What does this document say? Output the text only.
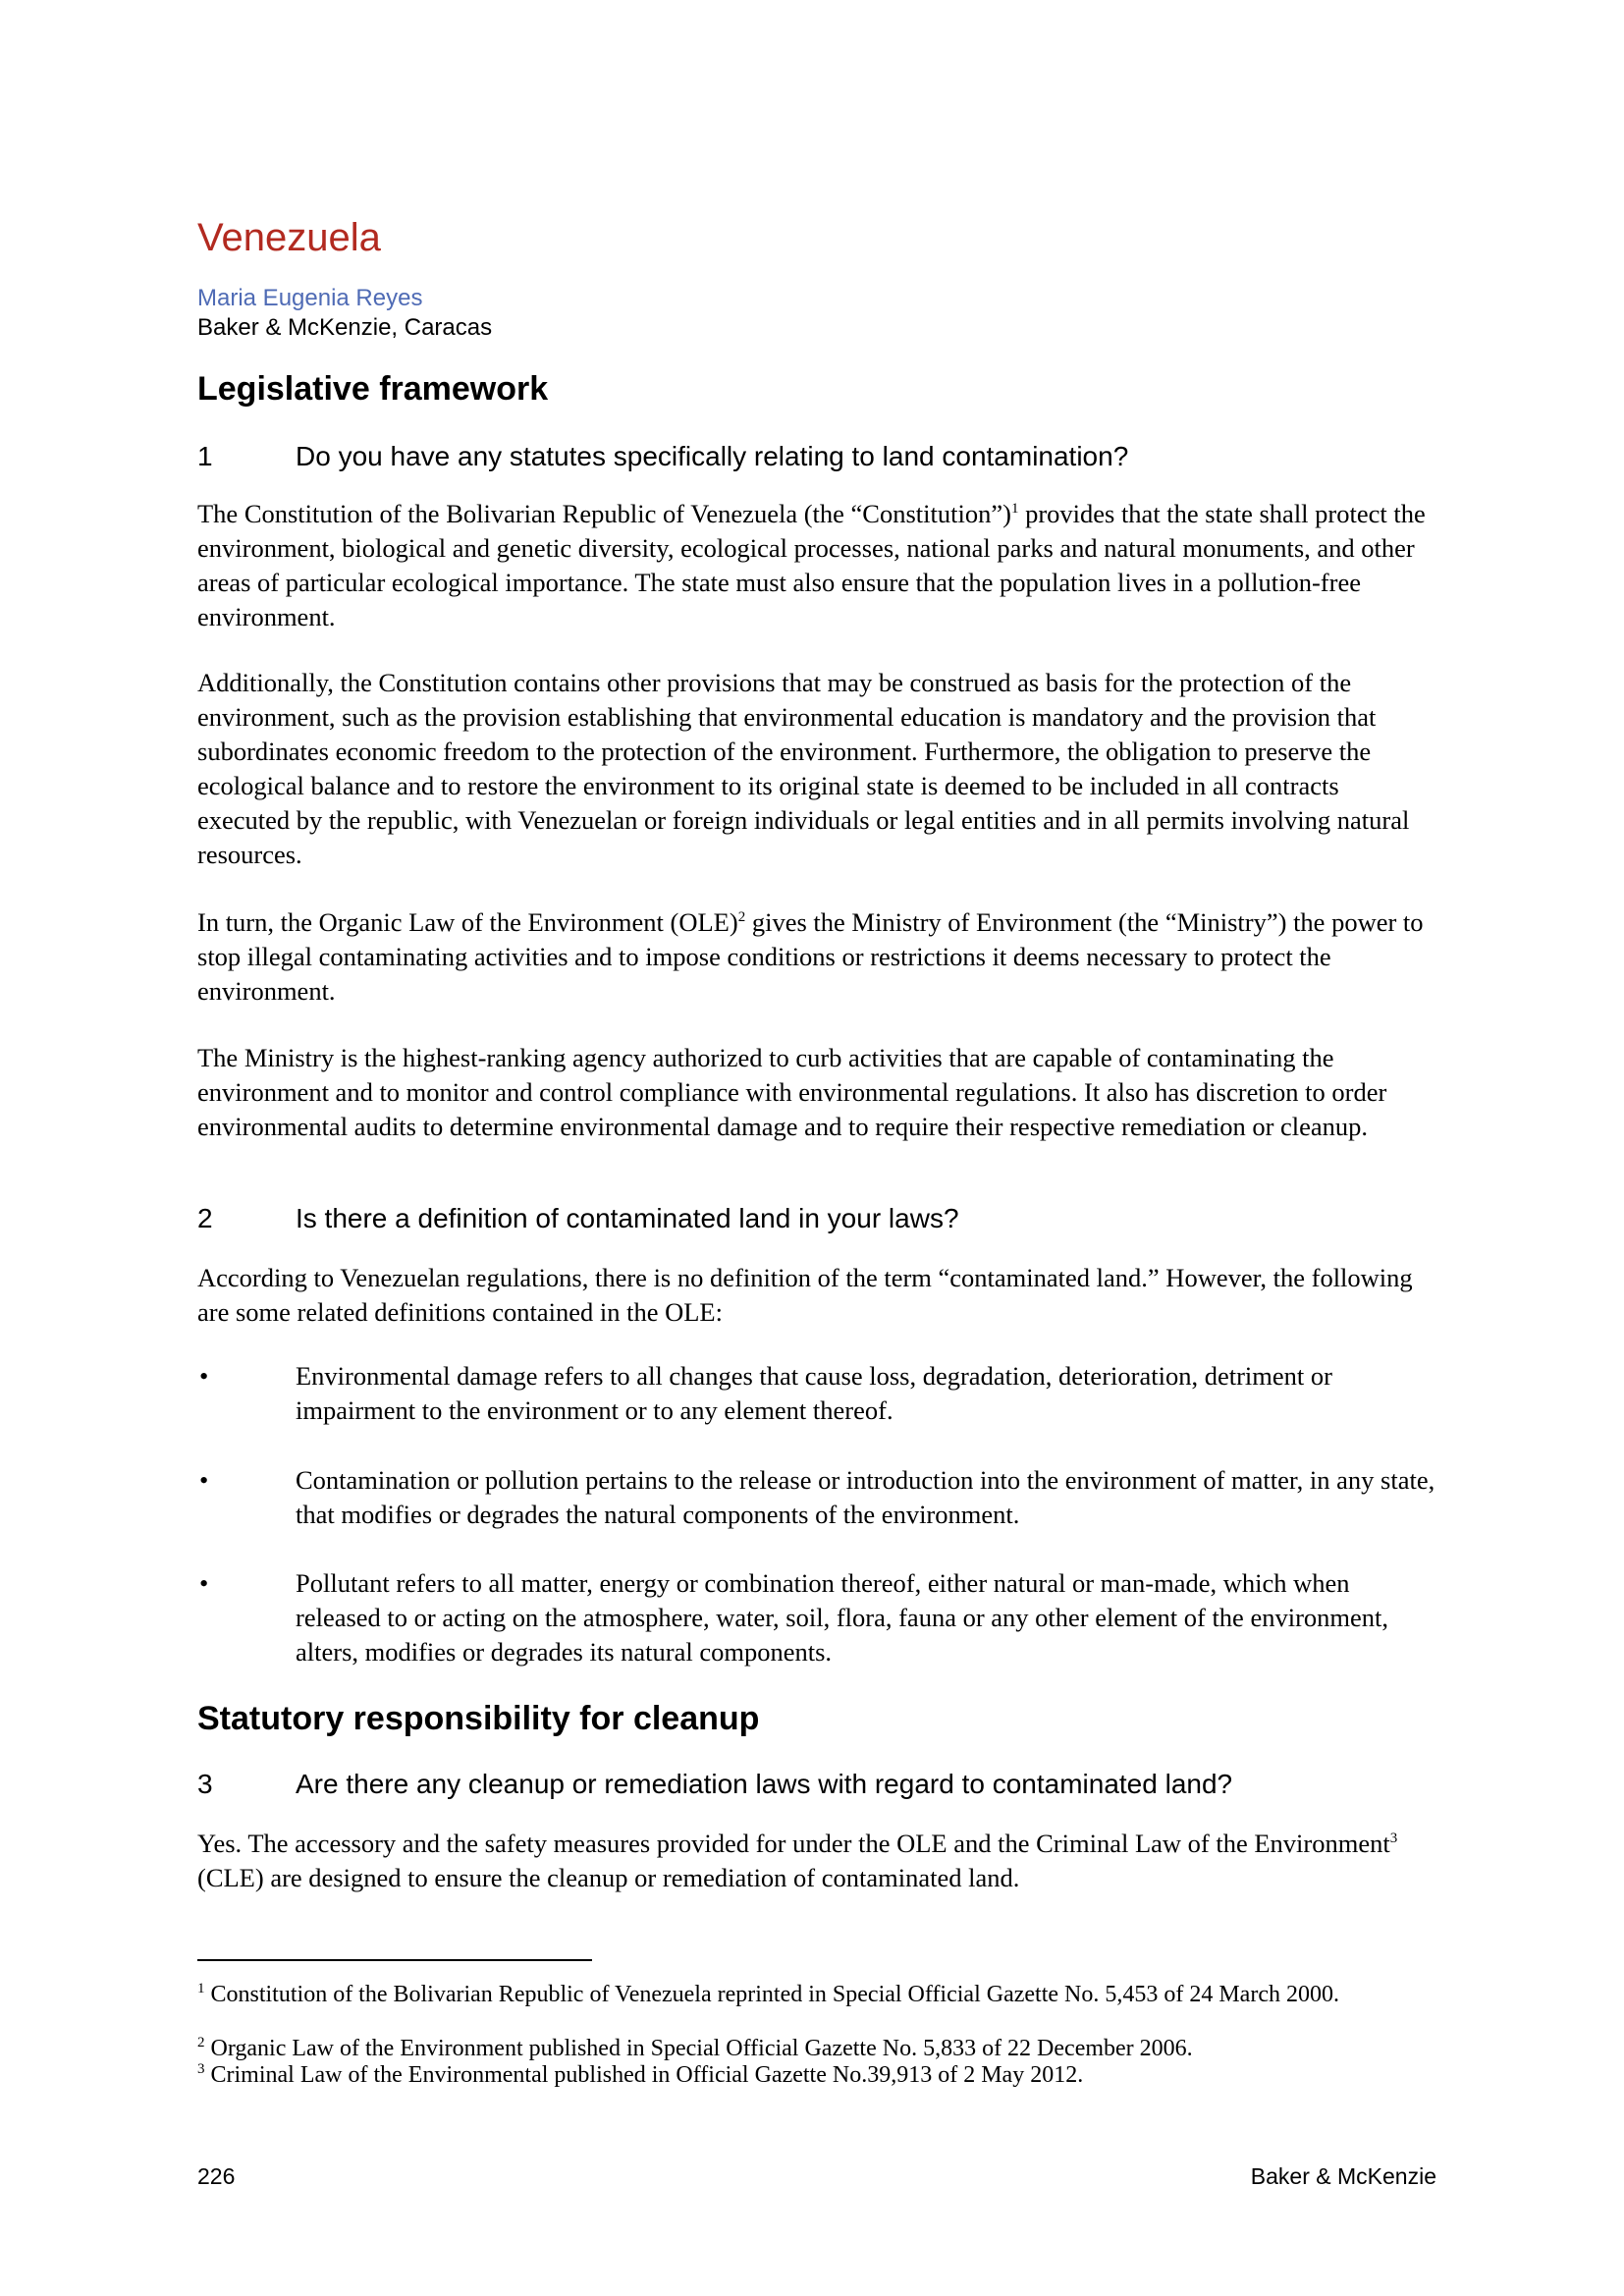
Venezuela
Maria Eugenia Reyes
Baker & McKenzie, Caracas
Legislative framework
1	Do you have any statutes specifically relating to land contamination?

The Constitution of the Bolivarian Republic of Venezuela (the “Constitution”)$^1$ provides that the state shall protect the environment, biological and genetic diversity, ecological processes, national parks and natural monuments, and other areas of particular ecological importance. The state must also ensure that the population lives in a pollution-free environment.

Additionally, the Constitution contains other provisions that may be construed as basis for the protection of the environment, such as the provision establishing that environmental education is mandatory and the provision that subordinates economic freedom to the protection of the environment. Furthermore, the obligation to preserve the ecological balance and to restore the environment to its original state is deemed to be included in all contracts executed by the republic, with Venezuelan or foreign individuals or legal entities and in all permits involving natural resources.

In turn, the Organic Law of the Environment (OLE)$^2$ gives the Ministry of Environment (the “Ministry”) the power to stop illegal contaminating activities and to impose conditions or restrictions it deems necessary to protect the environment.

The Ministry is the highest-ranking agency authorized to curb activities that are capable of contaminating the environment and to monitor and control compliance with environmental regulations. It also has discretion to order environmental audits to determine environmental damage and to require their respective remediation or cleanup.

2	Is there a definition of contaminated land in your laws?

According to Venezuelan regulations, there is no definition of the term “contaminated land.” However, the following are some related definitions contained in the OLE:

•	Environmental damage refers to all changes that cause loss, degradation, deterioration, detriment or impairment to the environment or to any element thereof.
•	Contamination or pollution pertains to the release or introduction into the environment of matter, in any state, that modifies or degrades the natural components of the environment.
•	Pollutant refers to all matter, energy or combination thereof, either natural or man-made, which when released to or acting on the atmosphere, water, soil, flora, fauna or any other element of the environment, alters, modifies or degrades its natural components.
Statutory responsibility for cleanup
3	Are there any cleanup or remediation laws with regard to contaminated land?

Yes. The accessory and the safety measures provided for under the OLE and the Criminal Law of the Environment$^3$ (CLE) are designed to ensure the cleanup or remediation of contaminated land.

$^1$ Constitution of the Bolivarian Republic of Venezuela reprinted in Special Official Gazette No. 5,453 of 24 March 2000.
$^2$ Organic Law of the Environment published in Special Official Gazette No. 5,833 of 22 December 2006.
$^3$ Criminal Law of the Environmental published in Official Gazette No.39,913 of 2 May 2012.
226	Baker & McKenzie
